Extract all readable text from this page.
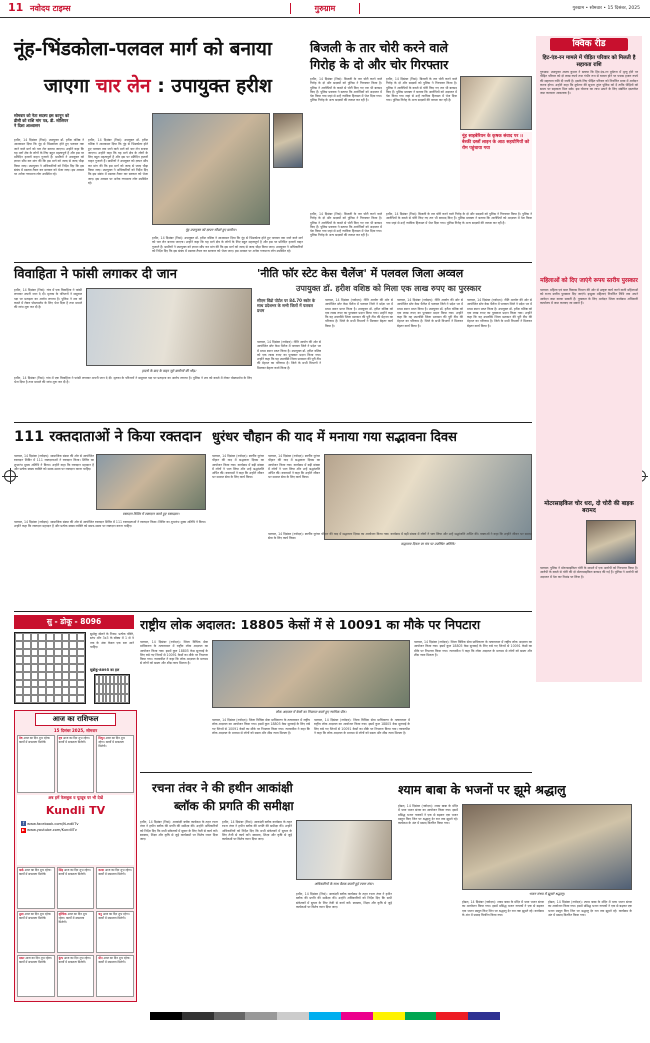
11 नवोदय टाइम्स	गुरुग्राम	गुरुग्राम • सोमवार • 15 दिसंबर, 2025
नूंह-भिंडकोला-पलवल मार्ग को बनाया
जाएगा चार लेन : उपायुक्त हरीश
सोमवार को नेता सदस्य इस कानून को
डीसी को राशि मांग पत्र, डी. सोशियन
ने दिशा आश्वासन
हथीन, 14 दिसंबर (निसं): उपायुक्त डॉ. हरीश वशिष्ठ ने आश्वासन दिया कि नूंह से भिंडकोला होते हुए पलवल तक जाने वाले मार्ग को चार लेन बनाया जाएगा। उन्होंने कहा कि यह मार्ग क्षेत्र के लोगों के लिए बहुत महत्वपूर्ण है और इस पर प्रतिदिन हजारों वाहन गुजरते हैं। ग्रामीणों ने उपायुक्त को ज्ञापन सौंप कर मांग की कि इस मार्ग को जल्द से जल्द चौड़ा किया जाए। उपायुक्त ने अधिकारियों को निर्देश दिए कि इस संबंध में प्रस्ताव तैयार कर सरकार को भेजा जाए। इस अवसर पर अनेक गणमान्य लोग उपस्थित रहे।
हथीन, 14 दिसंबर (निसं): उपायुक्त डॉ. हरीश वशिष्ठ ने आश्वासन दिया कि नूंह से भिंडकोला होते हुए पलवल तक जाने वाले मार्ग को चार लेन बनाया जाएगा। उन्होंने कहा कि यह मार्ग क्षेत्र के लोगों के लिए बहुत महत्वपूर्ण है और इस पर प्रतिदिन हजारों वाहन गुजरते हैं। ग्रामीणों ने उपायुक्त को ज्ञापन सौंप कर मांग की कि इस मार्ग को जल्द से जल्द चौड़ा किया जाए। उपायुक्त ने अधिकारियों को निर्देश दिए कि इस संबंध में प्रस्ताव तैयार कर सरकार को भेजा जाए। इस अवसर पर अनेक गणमान्य लोग उपस्थित रहे।
नूंह उपायुक्त को ज्ञापन सौंपते हुए ग्रामीण।
हथीन, 14 दिसंबर (निसं): उपायुक्त डॉ. हरीश वशिष्ठ ने आश्वासन दिया कि नूंह से भिंडकोला होते हुए पलवल तक जाने वाले मार्ग को चार लेन बनाया जाएगा। उन्होंने कहा कि यह मार्ग क्षेत्र के लोगों के लिए बहुत महत्वपूर्ण है और इस पर प्रतिदिन हजारों वाहन गुजरते हैं। ग्रामीणों ने उपायुक्त को ज्ञापन सौंप कर मांग की कि इस मार्ग को जल्द से जल्द चौड़ा किया जाए। उपायुक्त ने अधिकारियों को निर्देश दिए कि इस संबंध में प्रस्ताव तैयार कर सरकार को भेजा जाए। इस अवसर पर अनेक गणमान्य लोग उपस्थित रहे।
बिजली के तार चोरी करने वाले
गिरोह के दो और चोर गिरफ्तार
हथीन, 14 दिसंबर (निसं): बिजली के तार चोरी करने वाले गिरोह के दो और सदस्यों को पुलिस ने गिरफ्तार किया है। पुलिस ने आरोपियों के कब्जे से चोरी किए गए तार भी बरामद किए हैं। पुलिस प्रवक्ता ने बताया कि आरोपियों को अदालत में पेश किया गया जहां से उन्हें न्यायिक हिरासत में भेज दिया गया। पुलिस गिरोह के अन्य सदस्यों की तलाश कर रही है।
हथीन, 14 दिसंबर (निसं): बिजली के तार चोरी करने वाले गिरोह के दो और सदस्यों को पुलिस ने गिरफ्तार किया है। पुलिस ने आरोपियों के कब्जे से चोरी किए गए तार भी बरामद किए हैं। पुलिस प्रवक्ता ने बताया कि आरोपियों को अदालत में पेश किया गया जहां से उन्हें न्यायिक हिरासत में भेज दिया गया। पुलिस गिरोह के अन्य सदस्यों की तलाश कर रही है।
हथीन, 14 दिसंबर (निसं): बिजली के तार चोरी करने वाले गिरोह के दो और सदस्यों को पुलिस ने गिरफ्तार किया है। पुलिस ने आरोपियों के कब्जे से चोरी किए गए तार भी बरामद किए हैं। पुलिस प्रवक्ता ने बताया कि आरोपियों को अदालत में पेश किया गया जहां से उन्हें न्यायिक हिरासत में भेज दिया गया। पुलिस गिरोह के अन्य सदस्यों की तलाश कर रही है।
नूंह साइबेरियन के कृषक संवाद पर ।। बेरकी दस्तों लाइन के आठ सहयोगियों को रोम पहुंचाया गया
हथीन, 14 दिसंबर (निसं): बिजली के तार चोरी करने वाले गिरोह के दो और सदस्यों को पुलिस ने गिरफ्तार किया है। पुलिस ने आरोपियों के कब्जे से चोरी किए गए तार भी बरामद किए हैं। पुलिस प्रवक्ता ने बताया कि आरोपियों को अदालत में पेश किया गया जहां से उन्हें न्यायिक हिरासत में भेज दिया गया। पुलिस गिरोह के अन्य सदस्यों की तलाश कर रही है।
क्विक रीड
हिट-एंड-रन मामले में पीड़ित परिवार को मिलती है सहायता राशि
गुरुग्राम: उपायुक्त अजय कुमार ने बताया कि हिट-एंड-रन दुर्घटना में मृत्यु होने पर पीड़ित परिवार को दो लाख रुपये तथा गंभीर रूप से घायल होने पर पचास हजार रुपये की सहायता राशि दी जाती है। इसके लिए पीड़ित परिवार को निर्धारित प्रपत्र में आवेदन करना होगा। उन्होंने कहा कि दुर्घटना की सूचना तुरंत पुलिस को दें ताकि पीड़ितों को समय पर सहायता मिल सके। इस योजना का लाभ उठाने के लिए संबंधित दस्तावेज जमा करवाना आवश्यक है।
महिलाओं को दिए जाएंगे रूपय स्तरीय पुरस्कार
पलवल: महिला एवं बाल विकास विभाग की ओर से उत्कृष्ट कार्य करने वाली महिलाओं को राज्य स्तरीय पुरस्कार दिए जाएंगे। इच्छुक महिलाएं निर्धारित तिथि तक अपने आवेदन जमा करवा सकती हैं। पुरस्कार के लिए आवेदन जिला कार्यक्रम अधिकारी कार्यालय में जमा करवाए जा सकते हैं।
मोटरसाइकिल चोर धरा, दो चोरी की बाइक बरामद
पलवल: पुलिस ने मोटरसाइकिल चोरी के मामले में एक आरोपी को गिरफ्तार किया है। आरोपी के कब्जे से चोरी की दो मोटरसाइकिल बरामद की गई हैं। पुलिस ने आरोपी को अदालत में पेश कर रिमांड पर लिया है।
विवाहिता ने फांसी लगाकर दी जान
हथीन, 14 दिसंबर (निसं): गांव में एक विवाहिता ने फांसी लगाकर अपनी जान दे दी। मृतका के परिजनों ने ससुराल पक्ष पर प्रताड़ना का आरोप लगाया है। पुलिस ने शव को कब्जे में लेकर पोस्टमार्टम के लिए भेज दिया है तथा मामले की जांच शुरू कर दी है।
हादसे के बाद के बाहर जुटे ग्रामीणों की भीड़।
हथीन, 14 दिसंबर (निसं): गांव में एक विवाहिता ने फांसी लगाकर अपनी जान दे दी। मृतका के परिजनों ने ससुराल पक्ष पर प्रताड़ना का आरोप लगाया है। पुलिस ने शव को कब्जे में लेकर पोस्टमार्टम के लिए भेज दिया है तथा मामले की जांच शुरू कर दी है।
'नीति फॉर स्टेट केस चैलेंज' में पलवल जिला अव्वल
उपायुक्त डॉ. हरीश वशिष्ठ को मिला एक लाख रुपए का पुरस्कार
सीएम विंडो पोर्टल पर 84.70 स्कोर के साथ प्रदेशभर के सभी जिलों में पलवल प्रथम
पलवल, 14 दिसंबर (नवोदय): नीति आयोग की ओर से आयोजित स्टेट केस चैलेंज में पलवल जिले ने प्रदेश भर में प्रथम स्थान प्राप्त किया है। उपायुक्त डॉ. हरीश वशिष्ठ को एक लाख रुपए का पुरस्कार प्रदान किया गया। उन्होंने कहा कि यह उपलब्धि जिला प्रशासन की पूरी टीम की मेहनत का परिणाम है। जिले के सभी विभागों ने मिलकर बेहतर कार्य किया है।
पलवल, 14 दिसंबर (नवोदय): नीति आयोग की ओर से आयोजित स्टेट केस चैलेंज में पलवल जिले ने प्रदेश भर में प्रथम स्थान प्राप्त किया है। उपायुक्त डॉ. हरीश वशिष्ठ को एक लाख रुपए का पुरस्कार प्रदान किया गया। उन्होंने कहा कि यह उपलब्धि जिला प्रशासन की पूरी टीम की मेहनत का परिणाम है। जिले के सभी विभागों ने मिलकर बेहतर कार्य किया है।
पलवल, 14 दिसंबर (नवोदय): नीति आयोग की ओर से आयोजित स्टेट केस चैलेंज में पलवल जिले ने प्रदेश भर में प्रथम स्थान प्राप्त किया है। उपायुक्त डॉ. हरीश वशिष्ठ को एक लाख रुपए का पुरस्कार प्रदान किया गया। उन्होंने कहा कि यह उपलब्धि जिला प्रशासन की पूरी टीम की मेहनत का परिणाम है। जिले के सभी विभागों ने मिलकर बेहतर कार्य किया है।
पलवल, 14 दिसंबर (नवोदय): नीति आयोग की ओर से आयोजित स्टेट केस चैलेंज में पलवल जिले ने प्रदेश भर में प्रथम स्थान प्राप्त किया है। उपायुक्त डॉ. हरीश वशिष्ठ को एक लाख रुपए का पुरस्कार प्रदान किया गया। उन्होंने कहा कि यह उपलब्धि जिला प्रशासन की पूरी टीम की मेहनत का परिणाम है। जिले के सभी विभागों ने मिलकर बेहतर कार्य किया है।
111 रक्तदाताओं ने किया रक्तदान
पलवल, 14 दिसंबर (नवोदय): सामाजिक संस्था की ओर से आयोजित रक्तदान शिविर में 111 रक्तदाताओं ने रक्तदान किया। शिविर का शुभारंभ मुख्य अतिथि ने किया। उन्होंने कहा कि रक्तदान महादान है और प्रत्येक स्वस्थ व्यक्ति को समय-समय पर रक्तदान करना चाहिए।
रक्तदान शिविर में रक्तदान करते हुए रक्तदाता।
पलवल, 14 दिसंबर (नवोदय): सामाजिक संस्था की ओर से आयोजित रक्तदान शिविर में 111 रक्तदाताओं ने रक्तदान किया। शिविर का शुभारंभ मुख्य अतिथि ने किया। उन्होंने कहा कि रक्तदान महादान है और प्रत्येक स्वस्थ व्यक्ति को समय-समय पर रक्तदान करना चाहिए।
धुरंधर चौहान की याद में मनाया गया सद्भावना दिवस
पलवल, 14 दिसंबर (नवोदय): स्वर्गीय धुरंधर चौहान की याद में सद्भावना दिवस का आयोजन किया गया। कार्यक्रम में बड़ी संख्या में लोगों ने भाग लिया और उन्हें श्रद्धांजलि अर्पित की। वक्ताओं ने कहा कि उन्होंने जीवन भर समाज सेवा के लिए कार्य किया।
पलवल, 14 दिसंबर (नवोदय): स्वर्गीय धुरंधर चौहान की याद में सद्भावना दिवस का आयोजन किया गया। कार्यक्रम में बड़ी संख्या में लोगों ने भाग लिया और उन्हें श्रद्धांजलि अर्पित की। वक्ताओं ने कहा कि उन्होंने जीवन भर समाज सेवा के लिए कार्य किया।
सद्भावना दिवस पर मंच पर उपस्थित अतिथि।
पलवल, 14 दिसंबर (नवोदय): स्वर्गीय धुरंधर चौहान की याद में सद्भावना दिवस का आयोजन किया गया। कार्यक्रम में बड़ी संख्या में लोगों ने भाग लिया और उन्हें श्रद्धांजलि अर्पित की। वक्ताओं ने कहा कि उन्होंने जीवन भर समाज सेवा के लिए कार्य किया।
सु - डोकू - 8096
सुडोकू खेलने के नियम: प्रत्येक पंक्ति, स्तंभ और 3x3 के बॉक्स में 1 से 9 तक के अंक केवल एक बार आने चाहिए।
सुडोकू-8095 का हल
आज का राशिफल
15 दिसंबर 2025, सोमवार
मेष आज का दिन शुभ रहेगा। कार्यों में सफलता मिलेगी।
वृष आज का दिन शुभ रहेगा। कार्यों में सफलता मिलेगी।
मिथुन आज का दिन शुभ रहेगा। कार्यों में सफलता मिलेगी।
अब हमें फेसबुक व यूट्यूब पर भी देखें
Kundli TV
f www.facebook.com/KundliTv
▶ www.youtube.com/KundliTv
कर्क आज का दिन शुभ रहेगा। कार्यों में सफलता मिलेगी।
सिंह आज का दिन शुभ रहेगा। कार्यों में सफलता मिलेगी।
कन्या आज का दिन शुभ रहेगा। कार्यों में सफलता मिलेगी।
तुला आज का दिन शुभ रहेगा। कार्यों में सफलता मिलेगी।
वृश्चिक आज का दिन शुभ रहेगा। कार्यों में सफलता मिलेगी।
धनु आज का दिन शुभ रहेगा। कार्यों में सफलता मिलेगी।
मकर आज का दिन शुभ रहेगा। कार्यों में सफलता मिलेगी।
कुंभ आज का दिन शुभ रहेगा। कार्यों में सफलता मिलेगी।
मीन आज का दिन शुभ रहेगा। कार्यों में सफलता मिलेगी।
राष्ट्रीय लोक अदालत: 18805 केसों में से 10091 का मौके पर निपटारा
पलवल, 14 दिसंबर (नवोदय): जिला विधिक सेवा प्राधिकरण के तत्वावधान में राष्ट्रीय लोक अदालत का आयोजन किया गया। इसमें कुल 18805 केस सुनवाई के लिए रखे गए जिनमें से 10091 केसों का मौके पर निपटारा किया गया। न्यायाधीश ने कहा कि लोक अदालत के माध्यम से लोगों को सस्ता और शीघ्र न्याय मिलता है।
लोक अदालत में केसों का निपटारा करते हुए न्यायिक पीठ।
पलवल, 14 दिसंबर (नवोदय): जिला विधिक सेवा प्राधिकरण के तत्वावधान में राष्ट्रीय लोक अदालत का आयोजन किया गया। इसमें कुल 18805 केस सुनवाई के लिए रखे गए जिनमें से 10091 केसों का मौके पर निपटारा किया गया। न्यायाधीश ने कहा कि लोक अदालत के माध्यम से लोगों को सस्ता और शीघ्र न्याय मिलता है।
पलवल, 14 दिसंबर (नवोदय): जिला विधिक सेवा प्राधिकरण के तत्वावधान में राष्ट्रीय लोक अदालत का आयोजन किया गया। इसमें कुल 18805 केस सुनवाई के लिए रखे गए जिनमें से 10091 केसों का मौके पर निपटारा किया गया। न्यायाधीश ने कहा कि लोक अदालत के माध्यम से लोगों को सस्ता और शीघ्र न्याय मिलता है।
पलवल, 14 दिसंबर (नवोदय): जिला विधिक सेवा प्राधिकरण के तत्वावधान में राष्ट्रीय लोक अदालत का आयोजन किया गया। इसमें कुल 18805 केस सुनवाई के लिए रखे गए जिनमें से 10091 केसों का मौके पर निपटारा किया गया। न्यायाधीश ने कहा कि लोक अदालत के माध्यम से लोगों को सस्ता और शीघ्र न्याय मिलता है।
रचना तंवर ने की हथीन आकांक्षी
ब्लॉक की प्रगति की समीक्षा
हथीन, 14 दिसंबर (निसं): आकांक्षी ब्लॉक कार्यक्रम के तहत रचना तंवर ने हथीन ब्लॉक की प्रगति की समीक्षा की। उन्होंने अधिकारियों को निर्देश दिए कि सभी संकेतकों में सुधार के लिए तेजी से कार्य करें। स्वास्थ्य, शिक्षा और कृषि से जुड़े कार्यक्रमों पर विशेष ध्यान दिया जाए।
हथीन, 14 दिसंबर (निसं): आकांक्षी ब्लॉक कार्यक्रम के तहत रचना तंवर ने हथीन ब्लॉक की प्रगति की समीक्षा की। उन्होंने अधिकारियों को निर्देश दिए कि सभी संकेतकों में सुधार के लिए तेजी से कार्य करें। स्वास्थ्य, शिक्षा और कृषि से जुड़े कार्यक्रमों पर विशेष ध्यान दिया जाए।
अधिकारियों के साथ बैठक करती हुई रचना तंवर।
हथीन, 14 दिसंबर (निसं): आकांक्षी ब्लॉक कार्यक्रम के तहत रचना तंवर ने हथीन ब्लॉक की प्रगति की समीक्षा की। उन्होंने अधिकारियों को निर्देश दिए कि सभी संकेतकों में सुधार के लिए तेजी से कार्य करें। स्वास्थ्य, शिक्षा और कृषि से जुड़े कार्यक्रमों पर विशेष ध्यान दिया जाए।
श्याम बाबा के भजनों पर झूमे श्रद्धालु
होडल, 14 दिसंबर (नवोदय): श्याम बाबा के मंदिर में भव्य भजन संध्या का आयोजन किया गया। इसमें प्रसिद्ध भजन गायकों ने एक से बढ़कर एक भजन प्रस्तुत किए जिन पर श्रद्धालु देर रात तक झूमते रहे। कार्यक्रम के अंत में प्रसाद वितरित किया गया।
भजन संध्या में झूमते श्रद्धालु।
होडल, 14 दिसंबर (नवोदय): श्याम बाबा के मंदिर में भव्य भजन संध्या का आयोजन किया गया। इसमें प्रसिद्ध भजन गायकों ने एक से बढ़कर एक भजन प्रस्तुत किए जिन पर श्रद्धालु देर रात तक झूमते रहे। कार्यक्रम के अंत में प्रसाद वितरित किया गया।
होडल, 14 दिसंबर (नवोदय): श्याम बाबा के मंदिर में भव्य भजन संध्या का आयोजन किया गया। इसमें प्रसिद्ध भजन गायकों ने एक से बढ़कर एक भजन प्रस्तुत किए जिन पर श्रद्धालु देर रात तक झूमते रहे। कार्यक्रम के अंत में प्रसाद वितरित किया गया।
